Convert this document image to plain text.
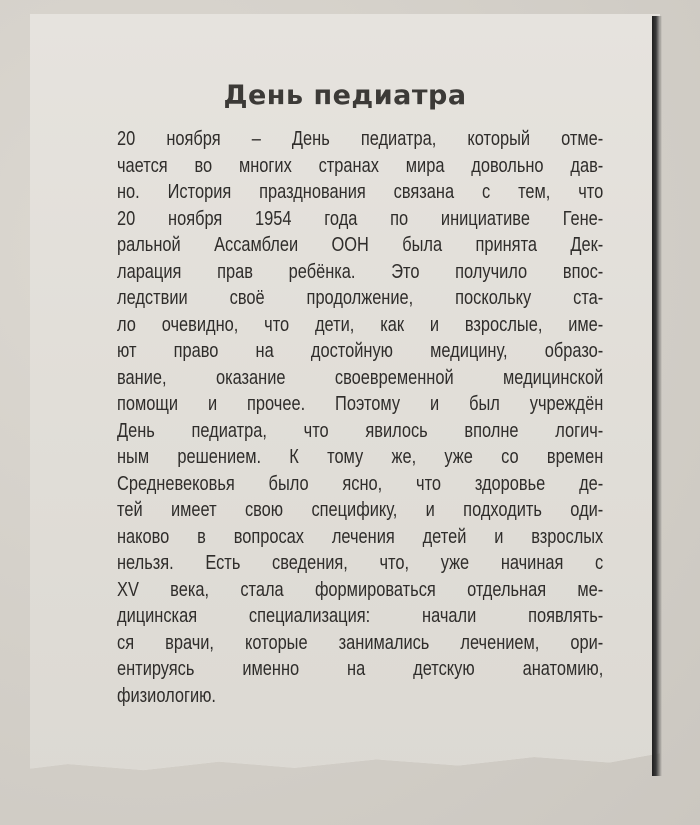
День педиатра
20 ноября – День педиатра, который отме-
чается во многих странах мира довольно дав-
но. История празднования связана с тем, что
20 ноября 1954 года по инициативе Гене-
ральной Ассамблеи ООН была принята Дек-
ларация прав ребёнка. Это получило впос-
ледствии своё продолжение, поскольку ста-
ло очевидно, что дети, как и взрослые, име-
ют право на достойную медицину, образо-
вание, оказание своевременной медицинской
помощи и прочее. Поэтому и был учреждён
День педиатра, что явилось вполне логич-
ным решением. К тому же, уже со времен
Средневековья было ясно, что здоровье де-
тей имеет свою специфику, и подходить оди-
наково в вопросах лечения детей и взрослых
нельзя. Есть сведения, что, уже начиная с
XV века, стала формироваться отдельная ме-
дицинская специализация: начали появлять-
ся врачи, которые занимались лечением, ори-
ентируясь именно на детскую анатомию,
физиологию.
